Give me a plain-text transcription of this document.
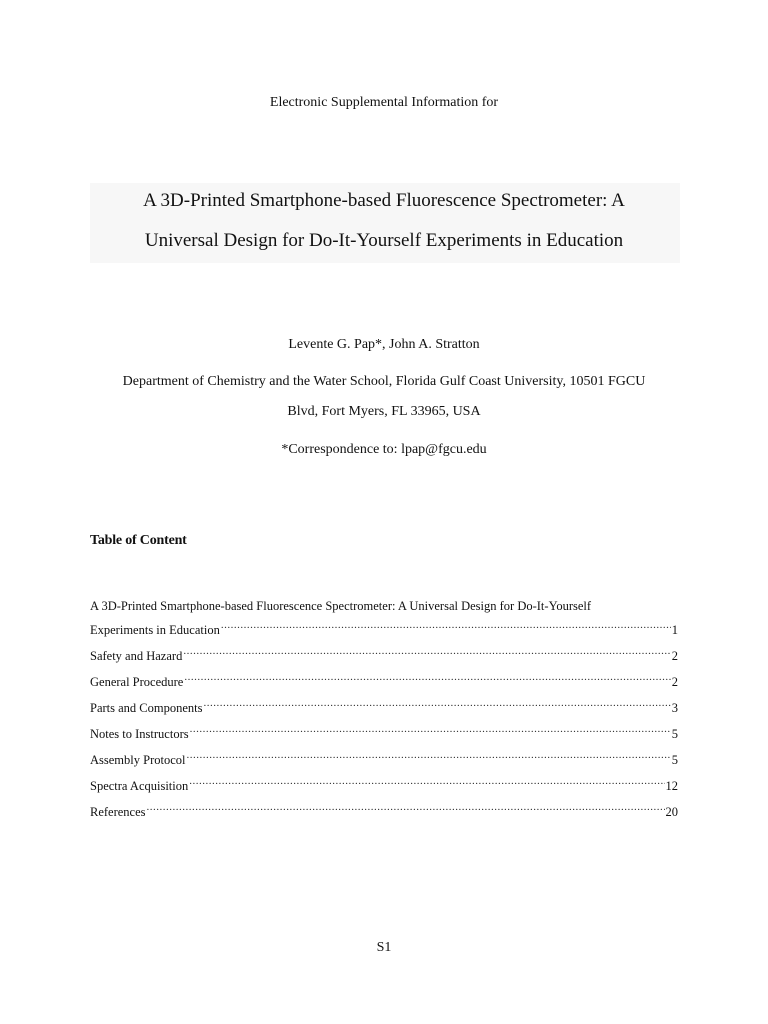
Electronic Supplemental Information for
A 3D-Printed Smartphone-based Fluorescence Spectrometer: A
Universal Design for Do-It-Yourself Experiments in Education
Levente G. Pap*, John A. Stratton
Department of Chemistry and the Water School, Florida Gulf Coast University, 10501 FGCU
Blvd, Fort Myers, FL 33965, USA
*Correspondence to: lpap@fgcu.edu
Table of Content
A 3D-Printed Smartphone-based Fluorescence Spectrometer: A Universal Design for Do-It-Yourself
Experiments in Education .....	1
Safety and Hazard .....	2
General Procedure .....	2
Parts and Components .....	3
Notes to Instructors .....	5
Assembly Protocol .....	5
Spectra Acquisition .....	12
References .....	20
S1
